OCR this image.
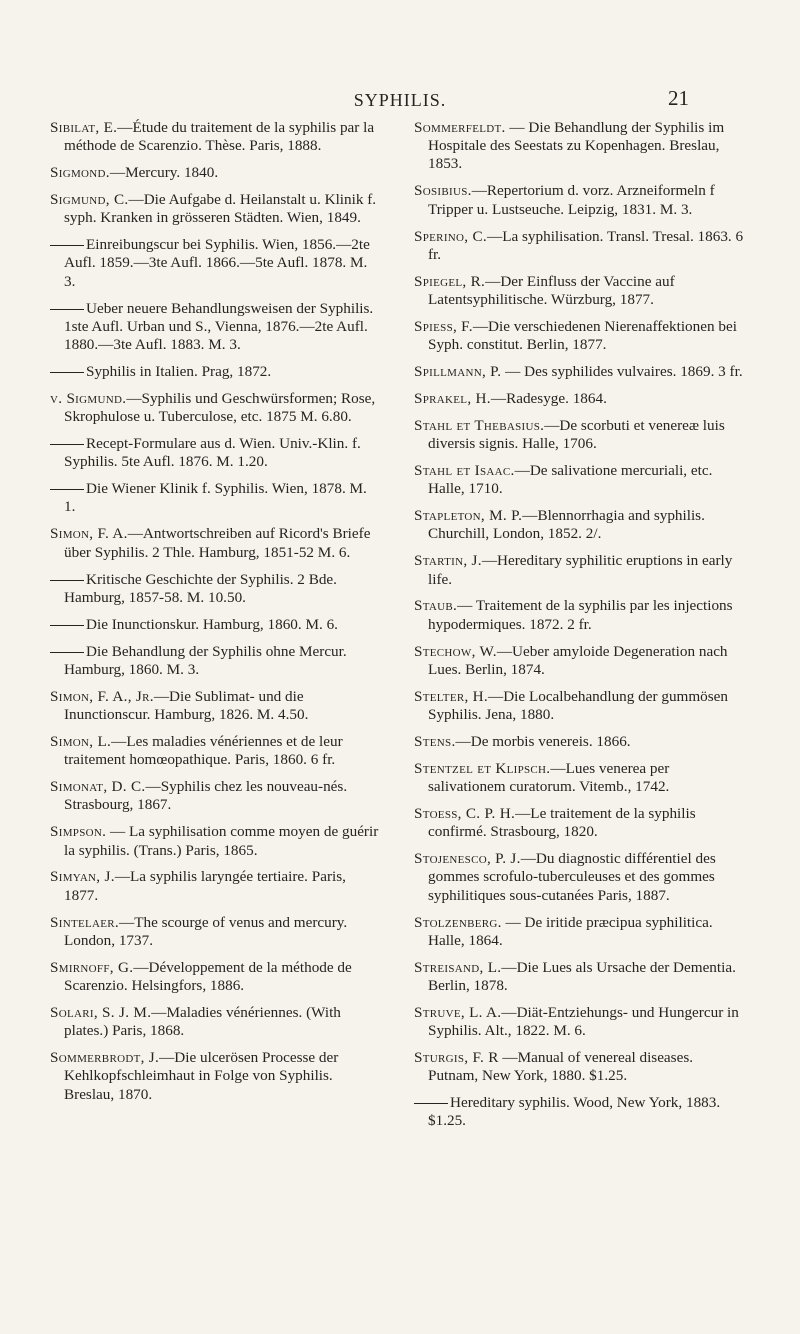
SYPHILIS.	21

Sibilat, E.—Étude du traitement de la syphilis par la méthode de Scarenzio. Thèse. Paris, 1888.

Sigmond.—Mercury. 1840.

Sigmund, C.—Die Aufgabe d. Heilanstalt u. Klinik f. syph. Kranken in grösseren Städten. Wien, 1849.

Einreibungscur bei Syphilis. Wien, 1856.—2te Aufl. 1859.—3te Aufl. 1866.—5te Aufl. 1878. M. 3.

Ueber neuere Behandlungsweisen der Syphilis. 1ste Aufl. Urban und S., Vienna, 1876.—2te Aufl. 1880.—3te Aufl. 1883. M. 3.

Syphilis in Italien. Prag, 1872.

v. Sigmund.—Syphilis und Geschwürsformen; Rose, Skrophulose u. Tuberculose, etc. 1875 M. 6.80.

Recept-Formulare aus d. Wien. Univ.-Klin. f. Syphilis. 5te Aufl. 1876. M. 1.20.

Die Wiener Klinik f. Syphilis. Wien, 1878. M. 1.

Simon, F. A.—Antwortschreiben auf Ricord's Briefe über Syphilis. 2 Thle. Hamburg, 1851-52 M. 6.

Kritische Geschichte der Syphilis. 2 Bde. Hamburg, 1857-58. M. 10.50.

Die Inunctionskur. Hamburg, 1860. M. 6.

Die Behandlung der Syphilis ohne Mercur. Hamburg, 1860. M. 3.

Simon, F. A., Jr.—Die Sublimat- und die Inunctionscur. Hamburg, 1826. M. 4.50.

Simon, L.—Les maladies vénériennes et de leur traitement homœopathique. Paris, 1860. 6 fr.

Simonat, D. C.—Syphilis chez les nouveau-nés. Strasbourg, 1867.

Simpson. — La syphilisation comme moyen de guérir la syphilis. (Trans.) Paris, 1865.

Simyan, J.—La syphilis laryngée tertiaire. Paris, 1877.

Sintelaer.—The scourge of venus and mercury. London, 1737.

Smirnoff, G.—Développement de la méthode de Scarenzio. Helsingfors, 1886.

Solari, S. J. M.—Maladies vénériennes. (With plates.) Paris, 1868.

Sommerbrodt, J.—Die ulcerösen Processe der Kehlkopfschleimhaut in Folge von Syphilis. Breslau, 1870.

Sommerfeldt. — Die Behandlung der Syphilis im Hospitale des Seestats zu Kopenhagen. Breslau, 1853.

Sosibius.—Repertorium d. vorz. Arzneiformeln f Tripper u. Lustseuche. Leipzig, 1831. M. 3.

Sperino, C.—La syphilisation. Transl. Tresal. 1863. 6 fr.

Spiegel, R.—Der Einfluss der Vaccine auf Latentsyphilitische. Würzburg, 1877.

Spiess, F.—Die verschiedenen Nierenaffektionen bei Syph. constitut. Berlin, 1877.

Spillmann, P. — Des syphilides vulvaires. 1869. 3 fr.

Sprakel, H.—Radesyge. 1864.

Stahl et Thebasius.—De scorbuti et venereæ luis diversis signis. Halle, 1706.

Stahl et Isaac.—De salivatione mercuriali, etc. Halle, 1710.

Stapleton, M. P.—Blennorrhagia and syphilis. Churchill, London, 1852. 2/.

Startin, J.—Hereditary syphilitic eruptions in early life.

Staub.— Traitement de la syphilis par les injections hypodermiques. 1872. 2 fr.

Stechow, W.—Ueber amyloide Degeneration nach Lues. Berlin, 1874.

Stelter, H.—Die Localbehandlung der gummösen Syphilis. Jena, 1880.

Stens.—De morbis venereis. 1866.

Stentzel et Klipsch.—Lues venerea per salivationem curatorum. Vitemb., 1742.

Stoess, C. P. H.—Le traitement de la syphilis confirmé. Strasbourg, 1820.

Stojenesco, P. J.—Du diagnostic différentiel des gommes scrofulo-tuberculeuses et des gommes syphilitiques sous-cutanées Paris, 1887.

Stolzenberg. — De iritide præcipua syphilitica. Halle, 1864.

Streisand, L.—Die Lues als Ursache der Dementia. Berlin, 1878.

Struve, L. A.—Diät-Entziehungs- und Hungercur in Syphilis. Alt., 1822. M. 6.

Sturgis, F. R —Manual of venereal diseases. Putnam, New York, 1880. $1.25.

Hereditary syphilis. Wood, New York, 1883. $1.25.
